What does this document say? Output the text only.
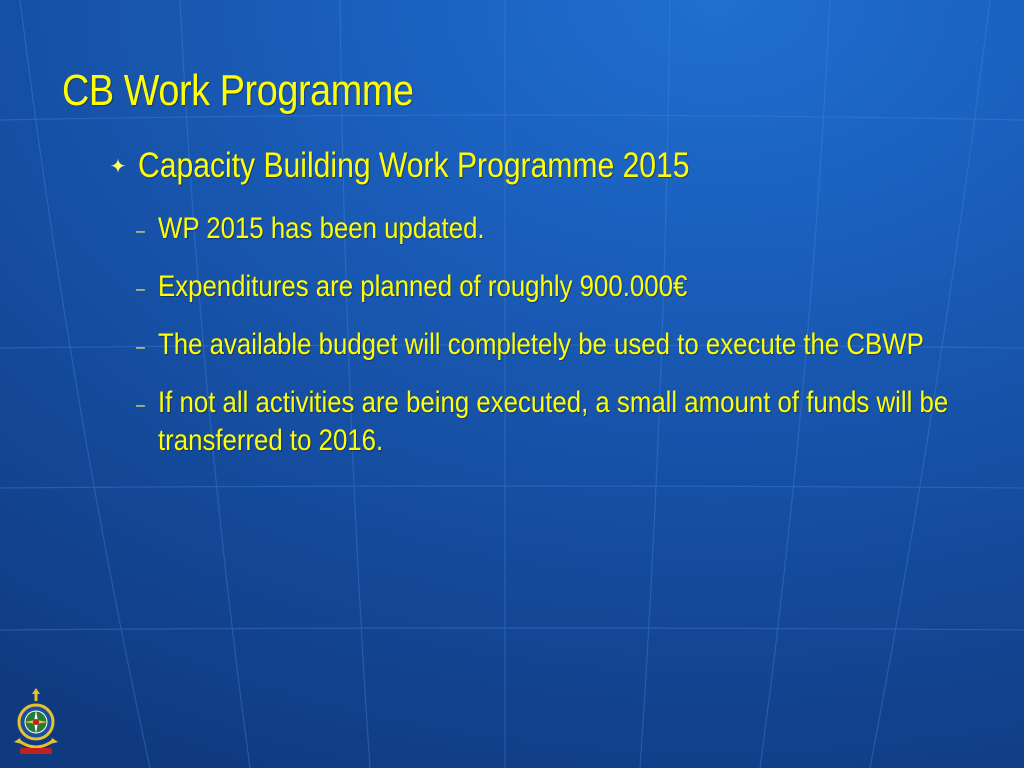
CB Work Programme
✦ Capacity Building Work Programme 2015
– WP 2015 has been updated.
– Expenditures are planned of roughly 900.000€
– The available budget will completely be used to execute the CBWP
– If not all activities are being executed, a small amount of funds will be transferred to 2016.
